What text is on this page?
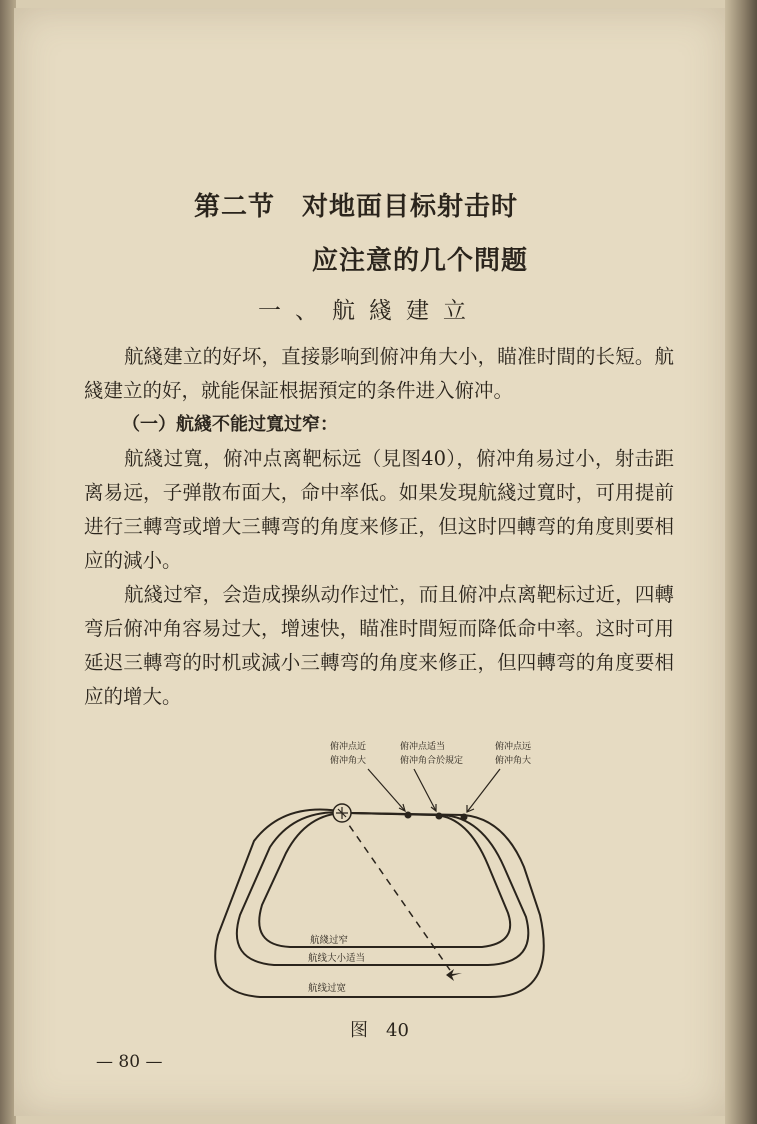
第二节　对地面目标射击时
应注意的几个問题
一、航綫建立
航綫建立的好坏，直接影响到俯冲角大小，瞄准时間的长短。航綫建立的好，就能保証根据預定的条件进入俯冲。
（一）航綫不能过寬过窄：
航綫过寬，俯冲点离靶标远（見图40），俯冲角易过小，射击距离易远，子弹散布面大，命中率低。如果发現航綫过寬时，可用提前进行三轉弯或增大三轉弯的角度来修正，但这时四轉弯的角度則要相应的減小。
航綫过窄，会造成操纵动作过忙，而且俯冲点离靶标过近，四轉弯后俯冲角容易过大，增速快，瞄准时間短而降低命中率。这时可用延迟三轉弯的时机或減小三轉弯的角度来修正，但四轉弯的角度要相应的增大。
俯冲点近
俯冲角大
俯冲点适当
俯冲角合於規定
俯冲点远
俯冲角大
航綫过窄
航线大小适当
航线过宽
图　40
— 80 —
